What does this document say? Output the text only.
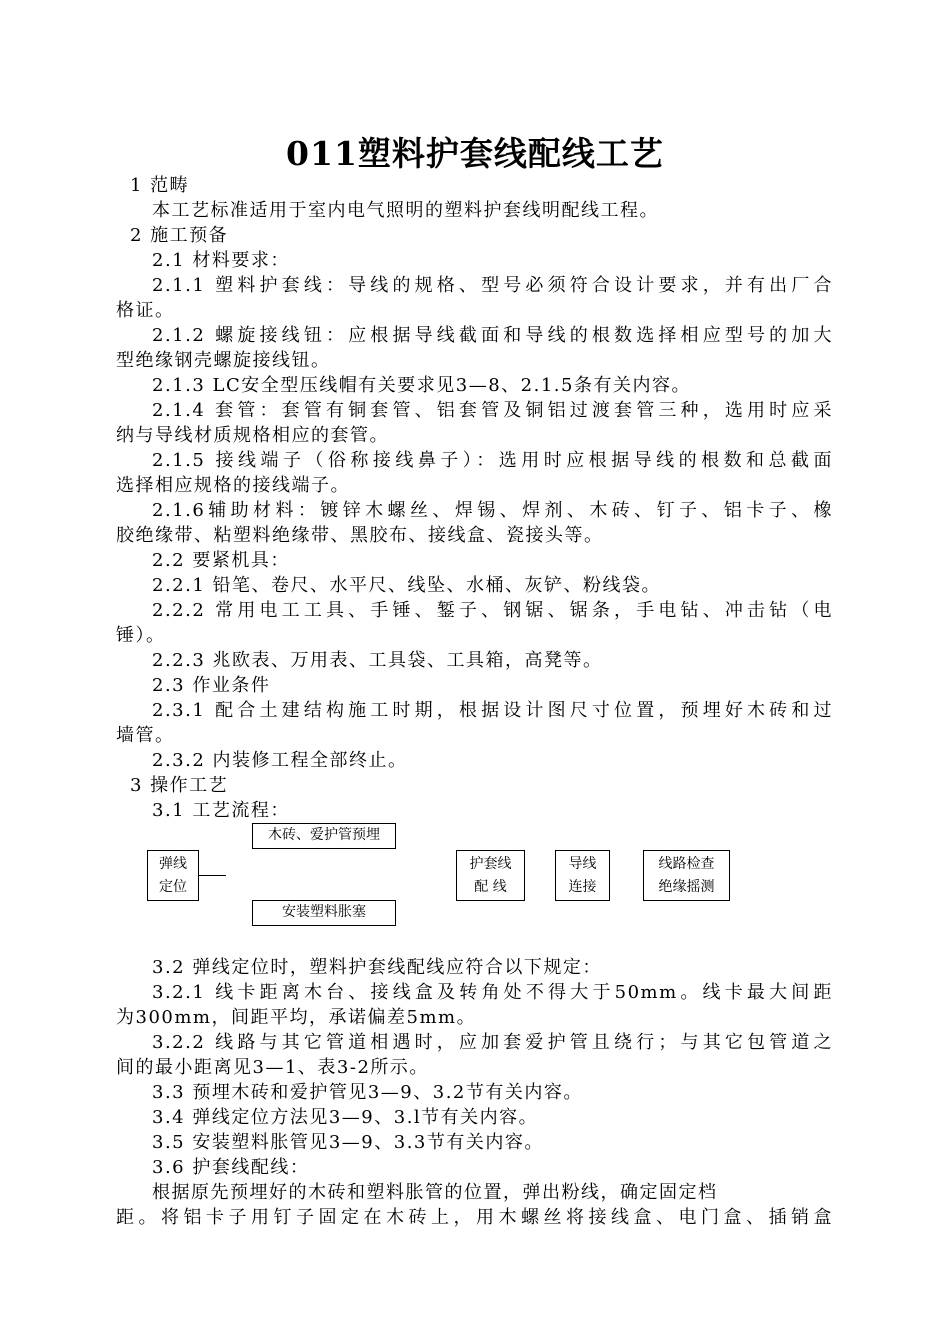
011塑料护套线配线工艺
1 范畴
本工艺标准适用于室内电气照明的塑料护套线明配线工程。
2 施工预备
2.1 材料要求：
2.1.1 塑料护套线：导线的规格、型号必须符合设计要求，并有出厂合
格证。
2.1.2 螺旋接线钮：应根据导线截面和导线的根数选择相应型号的加大
型绝缘钢壳螺旋接线钮。
2.1.3 LC安全型压线帽有关要求见3—8、2.1.5条有关内容。
2.1.4 套管：套管有铜套管、铝套管及铜铝过渡套管三种，选用时应采
纳与导线材质规格相应的套管。
2.1.5 接线端子（俗称接线鼻子）：选用时应根据导线的根数和总截面
选择相应规格的接线端子。
2.1.6辅助材料：镀锌木螺丝、焊锡、焊剂、木砖、钉子、铝卡子、橡
胶绝缘带、粘塑料绝缘带、黑胶布、接线盒、瓷接头等。
2.2 要紧机具：
2.2.1 铅笔、卷尺、水平尺、线坠、水桶、灰铲、粉线袋。
2.2.2 常用电工工具、手锤、錾子、钢锯、锯条，手电钻、冲击钻（电
锤）。
2.2.3 兆欧表、万用表、工具袋、工具箱，高凳等。
2.3 作业条件
2.3.1 配合土建结构施工时期，根据设计图尺寸位置，预埋好木砖和过
墙管。
2.3.2 内装修工程全部终止。
3 操作工艺
3.1 工艺流程：
木砖、爱护管预埋
弹线
定位
护套线
配 线
导线
连接
线路检查
绝缘摇测
安装塑料胀塞
3.2 弹线定位时，塑料护套线配线应符合以下规定：
3.2.1 线卡距离木台、接线盒及转角处不得大于50mm。线卡最大间距
为300mm，间距平均，承诺偏差5mm。
3.2.2 线路与其它管道相遇时，应加套爱护管且绕行；与其它包管道之
间的最小距离见3—1、表3-2所示。
3.3 预埋木砖和爱护管见3—9、3.2节有关内容。
3.4 弹线定位方法见3—9、3.l节有关内容。
3.5 安装塑料胀管见3—9、3.3节有关内容。
3.6 护套线配线：
根据原先预埋好的木砖和塑料胀管的位置，弹出粉线，确定固定档
距。将铝卡子用钉子固定在木砖上，用木螺丝将接线盒、电门盒、插销盒
